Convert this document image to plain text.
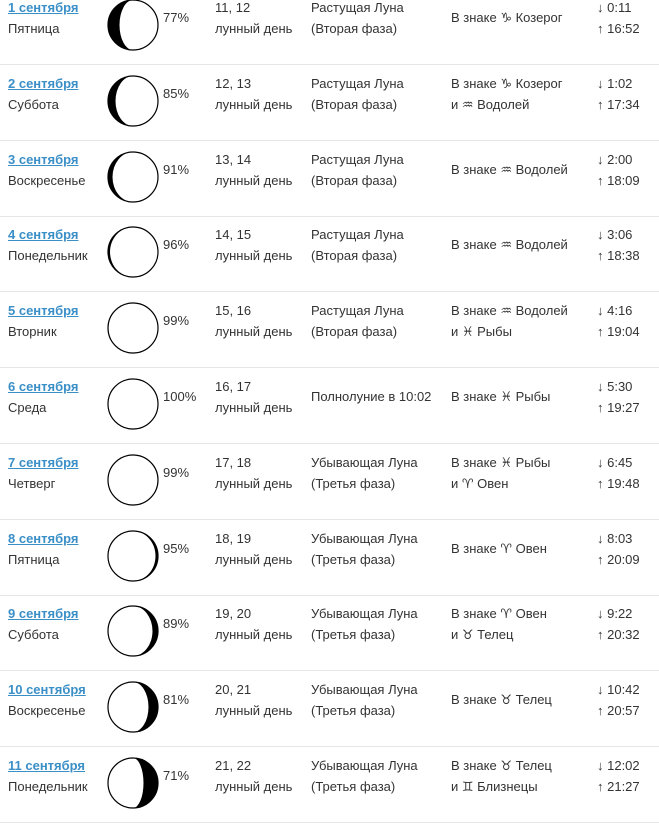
1 сентября
Пятница
77%
11, 12
лунный день
Растущая Луна
(Вторая фаза)
В знаке ♑ Козерог
↓ 0:11
↑ 16:52
2 сентября
Суббота
85%
12, 13
лунный день
Растущая Луна
(Вторая фаза)
В знаке ♑ Козерог
и ♒ Водолей
↓ 1:02
↑ 17:34
3 сентября
Воскресенье
91%
13, 14
лунный день
Растущая Луна
(Вторая фаза)
В знаке ♒ Водолей
↓ 2:00
↑ 18:09
4 сентября
Понедельник
96%
14, 15
лунный день
Растущая Луна
(Вторая фаза)
В знаке ♒ Водолей
↓ 3:06
↑ 18:38
5 сентября
Вторник
99%
15, 16
лунный день
Растущая Луна
(Вторая фаза)
В знаке ♒ Водолей
и ♓ Рыбы
↓ 4:16
↑ 19:04
6 сентября
Среда
100%
16, 17
лунный день
Полнолуние в 10:02 В знаке ♓ Рыбы
↓ 5:30
↑ 19:27
7 сентября
Четверг
99%
17, 18
лунный день
Убывающая Луна
(Третья фаза)
В знаке ♓ Рыбы
и ♈ Овен
↓ 6:45
↑ 19:48
8 сентября
Пятница
95%
18, 19
лунный день
Убывающая Луна
(Третья фаза)
В знаке ♈ Овен
↓ 8:03
↑ 20:09
9 сентября
Суббота
89%
19, 20
лунный день
Убывающая Луна
(Третья фаза)
В знаке ♈ Овен
и ♉ Телец
↓ 9:22
↑ 20:32
10 сентября
Воскресенье
81%
20, 21
лунный день
Убывающая Луна
(Третья фаза)
В знаке ♉ Телец
↓ 10:42
↑ 20:57
11 сентября
Понедельник
71%
21, 22
лунный день
Убывающая Луна
(Третья фаза)
В знаке ♉ Телец
и ♊ Близнецы
↓ 12:02
↑ 21:27
